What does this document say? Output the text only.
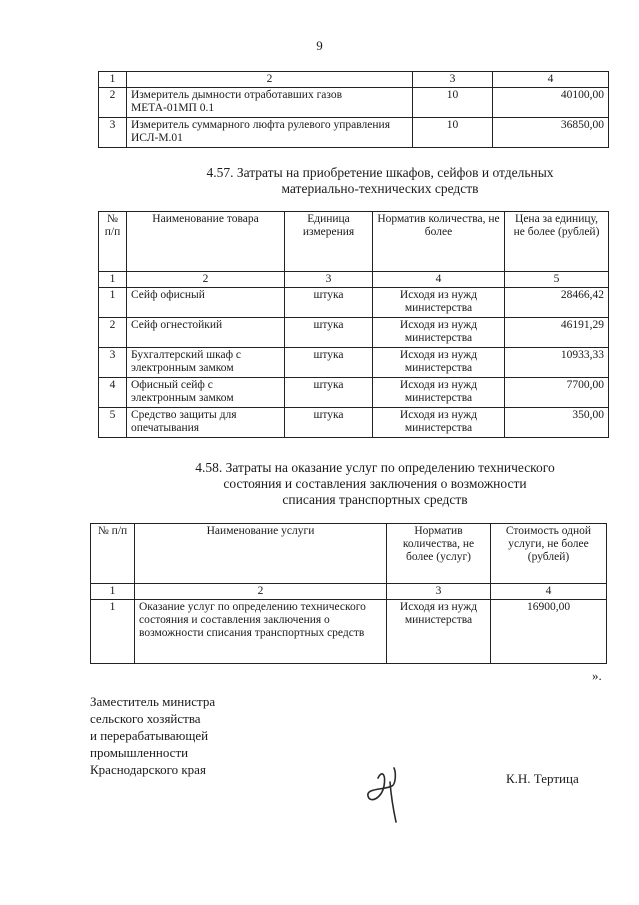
9
1	2	3	4
2	Измеритель дымности отработавших газов МЕТА-01МП 0.1	10	40100,00
3	Измеритель суммарного люфта рулевого управления ИСЛ-М.01	10	36850,00
4.57. Затраты на приобретение шкафов, сейфов и отдельных
материально-технических средств
№ п/п	Наименование товара	Единица измерения	Норматив количества, не более	Цена за единицу, не более (рублей)
1	2	3	4	5
1	Сейф офисный	штука	Исходя из нужд министерства	28466,42
2	Сейф огнестойкий	штука	Исходя из нужд министерства	46191,29
3	Бухгалтерский шкаф с электронным замком	штука	Исходя из нужд министерства	10933,33
4	Офисный сейф с электронным замком	штука	Исходя из нужд министерства	7700,00
5	Средство защиты для опечатывания	штука	Исходя из нужд министерства	350,00
4.58. Затраты на оказание услуг по определению технического
состояния и составления заключения о возможности
списания транспортных средств
№ п/п	Наименование услуги	Норматив количества, не более (услуг)	Стоимость одной услуги, не более (рублей)
1	2	3	4
1	Оказание услуг по определению технического состояния и составления заключения о возможности списания транспортных средств	Исходя из нужд министерства	16900,00
».
Заместитель министра
сельского хозяйства
и перерабатывающей
промышленности
Краснодарского края
К.Н. Тертица
